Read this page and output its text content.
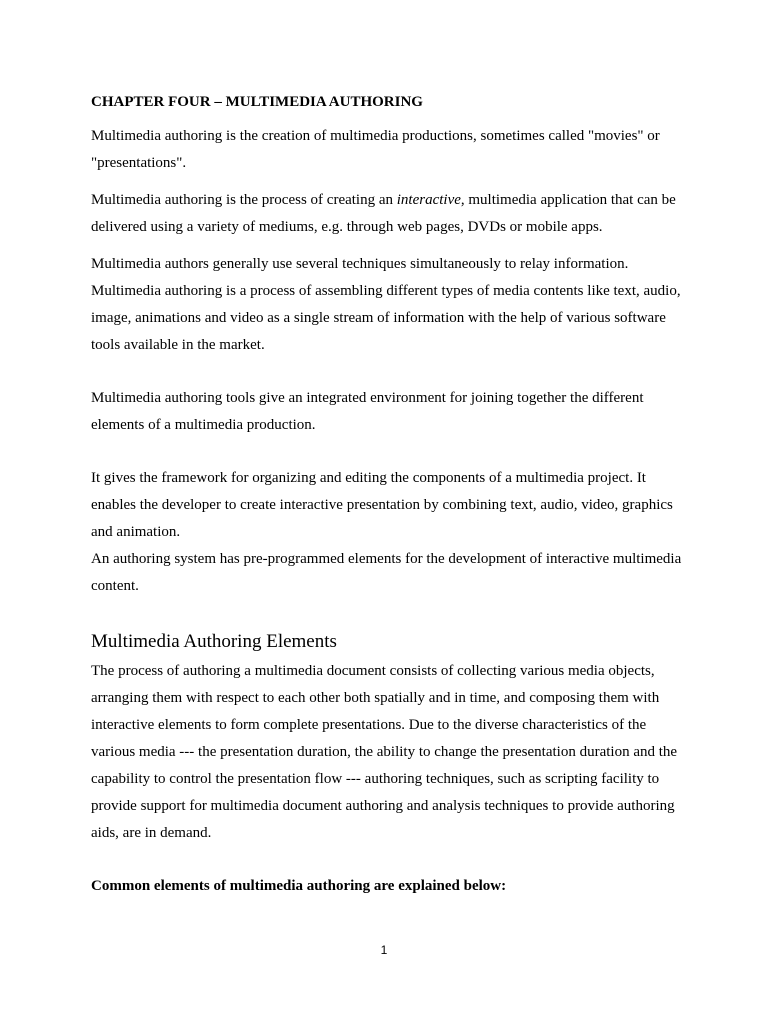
CHAPTER FOUR – MULTIMEDIA AUTHORING

Multimedia authoring is the creation of multimedia productions, sometimes called "movies" or "presentations".

Multimedia authoring is the process of creating an interactive, multimedia application that can be delivered using a variety of mediums, e.g. through web pages, DVDs or mobile apps.

Multimedia authors generally use several techniques simultaneously to relay information. Multimedia authoring is a process of assembling different types of media contents like text, audio, image, animations and video as a single stream of information with the help of various software tools available in the market.

Multimedia authoring tools give an integrated environment for joining together the different elements of a multimedia production.

It gives the framework for organizing and editing the components of a multimedia project. It enables the developer to create interactive presentation by combining text, audio, video, graphics and animation.

An authoring system has pre-programmed elements for the development of interactive multimedia content.

Multimedia Authoring Elements

The process of authoring a multimedia document consists of collecting various media objects, arranging them with respect to each other both spatially and in time, and composing them with interactive elements to form complete presentations. Due to the diverse characteristics of the various media --- the presentation duration, the ability to change the presentation duration and the capability to control the presentation flow --- authoring techniques, such as scripting facility to provide support for multimedia document authoring and analysis techniques to provide authoring aids, are in demand.

Common elements of multimedia authoring are explained below:

1
